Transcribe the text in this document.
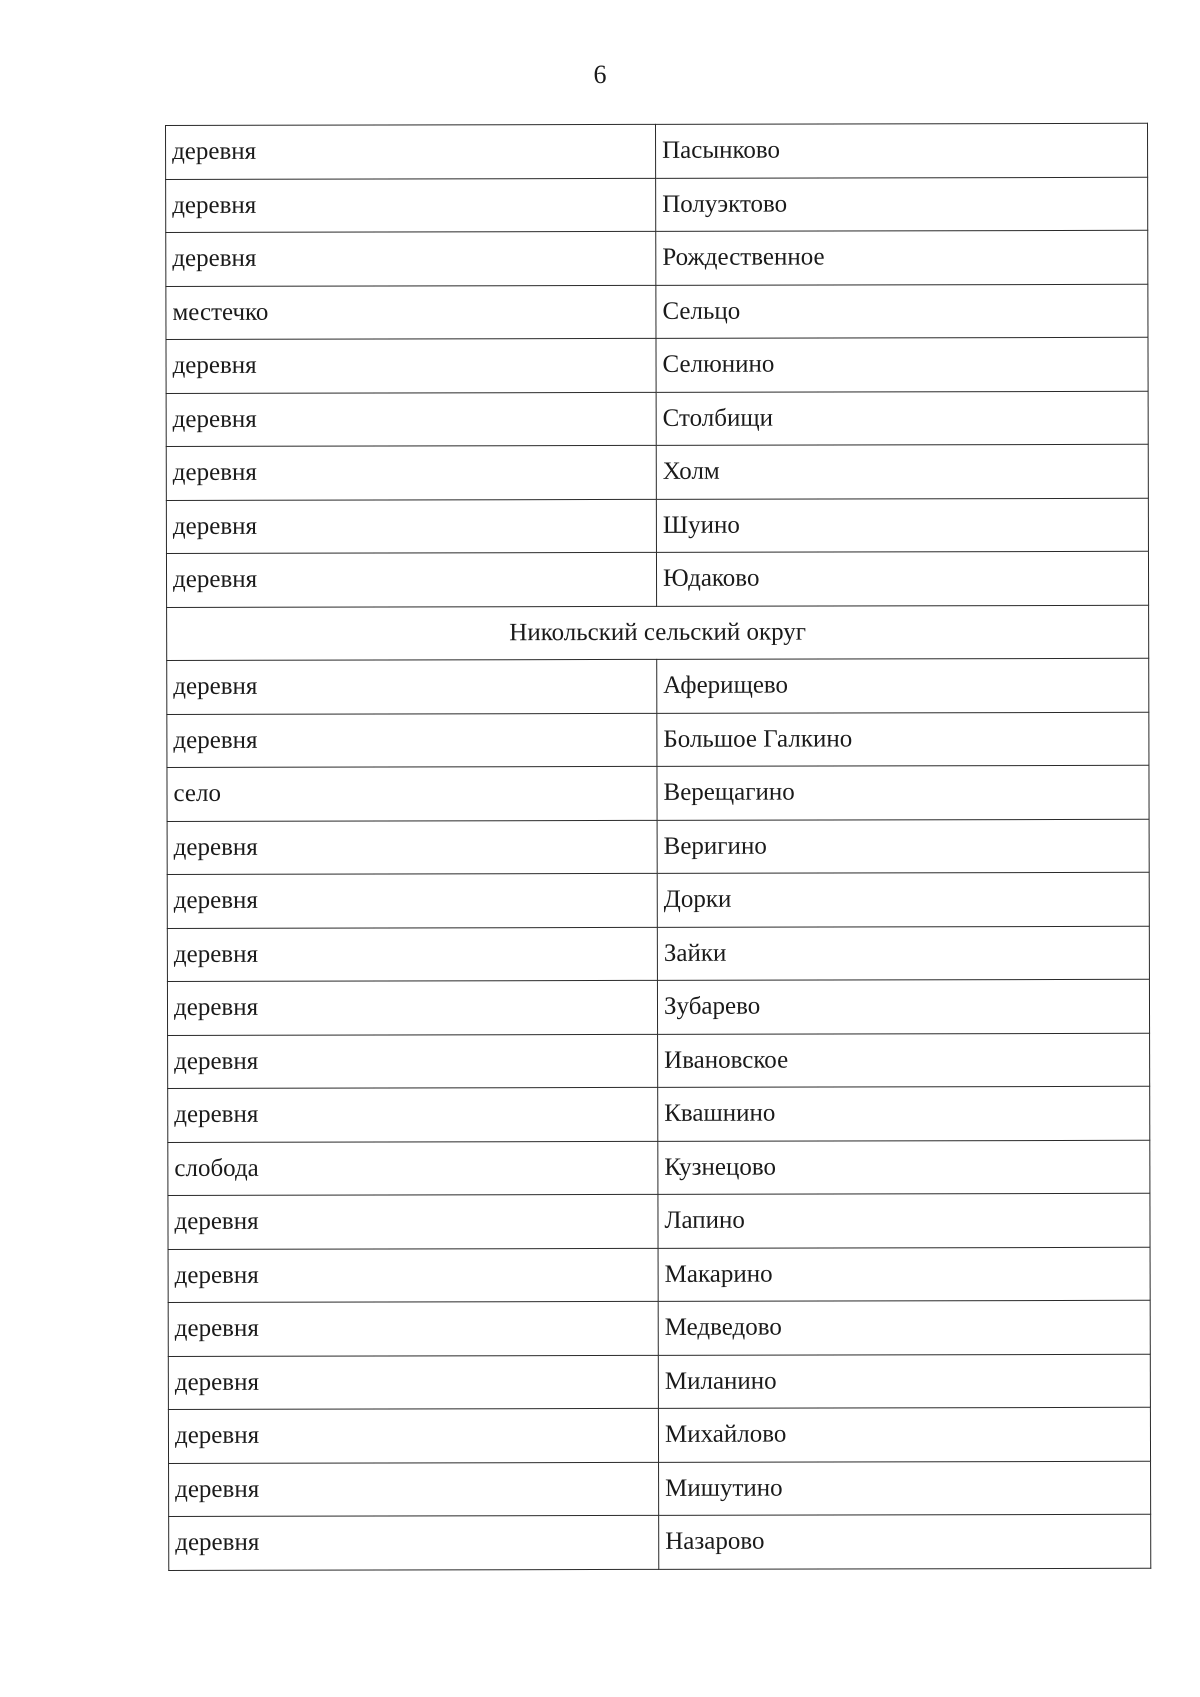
6
деревня	Пасынково
деревня	Полуэктово
деревня	Рождественное
местечко	Сельцо
деревня	Селюнино
деревня	Столбищи
деревня	Холм
деревня	Шуино
деревня	Юдаково
Никольский сельский округ	
деревня	Аферищево
деревня	Большое Галкино
село	Верещагино
деревня	Веригино
деревня	Дорки
деревня	Зайки
деревня	Зубарево
деревня	Ивановское
деревня	Квашнино
слобода	Кузнецово
деревня	Лапино
деревня	Макарино
деревня	Медведово
деревня	Миланино
деревня	Михайлово
деревня	Мишутино
деревня	Назарово
